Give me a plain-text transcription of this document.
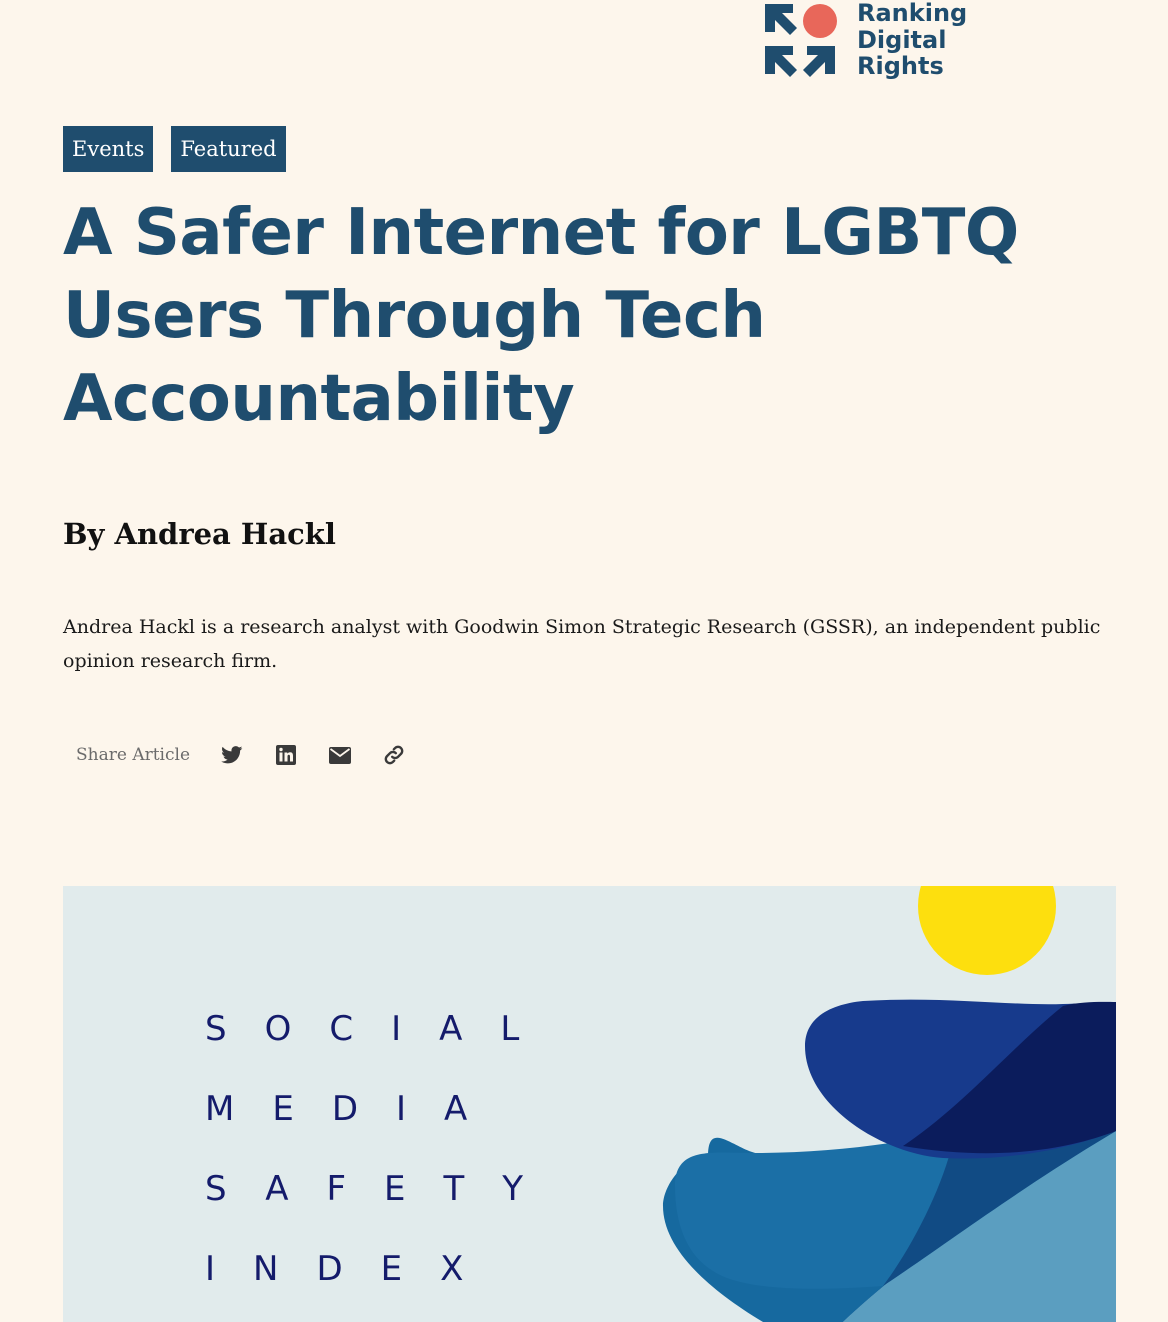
Ranking
Digital
Rights
Events	Featured
A Safer Internet for LGBTQ Users Through Tech Accountability
By Andrea Hackl

Andrea Hackl is a research analyst with Goodwin Simon Strategic Research (GSSR), an independent public opinion research firm.

Share Article
SOCIAL
MEDIA
SAFETY
INDEX
